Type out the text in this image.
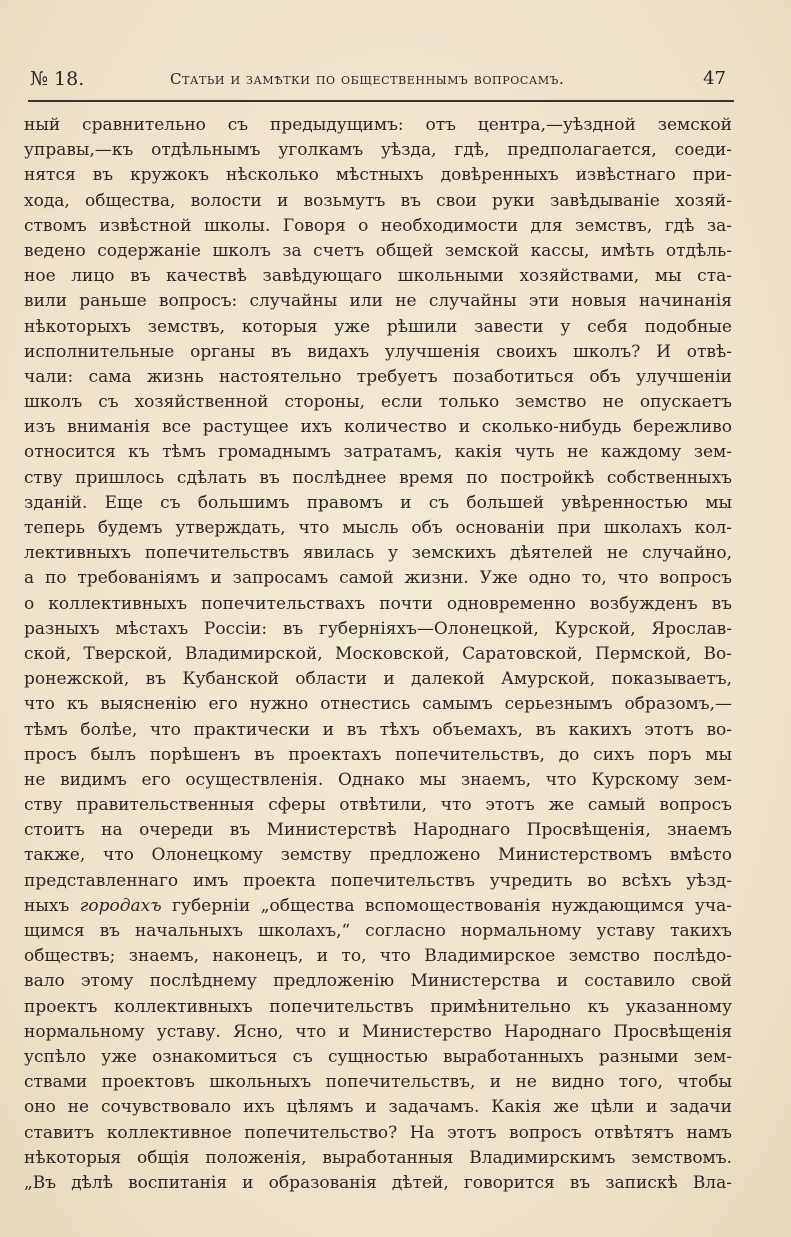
№ 18.	Статьи и замѣтки по общественнымъ вопросамъ.	47
ный сравнительно съ предыдущимъ: отъ центра,—уѣздной земской
управы,—къ отдѣльнымъ уголкамъ уѣзда, гдѣ, предполагается, соеди-
нятся въ кружокъ нѣсколько мѣстныхъ довѣренныхъ извѣстнаго при-
хода, общества, волости и возьмутъ въ свои руки завѣдываніе хозяй-
ствомъ извѣстной школы. Говоря о необходимости для земствъ, гдѣ за-
ведено содержаніе школъ за счетъ общей земской кассы, имѣть отдѣль-
ное лицо въ качествѣ завѣдующаго школьными хозяйствами, мы ста-
вили раньше вопросъ: случайны или не случайны эти новыя начинанія
нѣкоторыхъ земствъ, которыя уже рѣшили завести у себя подобные
исполнительные органы въ видахъ улучшенія своихъ школъ? И отвѣ-
чали: сама жизнь настоятельно требуетъ позаботиться объ улучшеніи
школъ съ хозяйственной стороны, если только земство не опускаетъ
изъ вниманія все растущее ихъ количество и сколько-нибудь бережливо
относится къ тѣмъ громаднымъ затратамъ, какія чуть не каждому зем-
ству пришлось сдѣлать въ послѣднее время по постройкѣ собственныхъ
зданій. Еще съ большимъ правомъ и съ большей увѣренностью мы
теперь будемъ утверждать, что мысль объ основаніи при школахъ кол-
лективныхъ попечительствъ явилась у земскихъ дѣятелей не случайно,
а по требованіямъ и запросамъ самой жизни. Уже одно то, что вопросъ
о коллективныхъ попечительствахъ почти одновременно возбужденъ въ
разныхъ мѣстахъ Россіи: въ губерніяхъ—Олонецкой, Курской, Ярослав-
ской, Тверской, Владимирской, Московской, Саратовской, Пермской, Во-
ронежской, въ Кубанской области и далекой Амурской, показываетъ,
что къ выясненію его нужно отнестись самымъ серьезнымъ образомъ,—
тѣмъ болѣе, что практически и въ тѣхъ объемахъ, въ какихъ этотъ во-
просъ былъ порѣшенъ въ проектахъ попечительствъ, до сихъ поръ мы
не видимъ его осуществленія. Однако мы знаемъ, что Курскому зем-
ству правительственныя сферы отвѣтили, что этотъ же самый вопросъ
стоитъ на очереди въ Министерствѣ Народнаго Просвѣщенія, знаемъ
также, что Олонецкому земству предложено Министерствомъ вмѣсто
представленнаго имъ проекта попечительствъ учредить во всѣхъ уѣзд-
ныхъ городахъ губерніи „общества вспомоществованія нуждающимся уча-
щимся въ начальныхъ школахъ,“ согласно нормальному уставу такихъ
обществъ; знаемъ, наконецъ, и то, что Владимирское земство послѣдо-
вало этому послѣднему предложенію Министерства и составило свой
проектъ коллективныхъ попечительствъ примѣнительно къ указанному
нормальному уставу. Ясно, что и Министерство Народнаго Просвѣщенія
успѣло уже ознакомиться съ сущностью выработанныхъ разными зем-
ствами проектовъ школьныхъ попечительствъ, и не видно того, чтобы
оно не сочувствовало ихъ цѣлямъ и задачамъ. Какія же цѣли и задачи
ставитъ коллективное попечительство? На этотъ вопросъ отвѣтятъ намъ
нѣкоторыя общія положенія, выработанныя Владимирскимъ земствомъ.
„Въ дѣлѣ воспитанія и образованія дѣтей, говорится въ запискѣ Вла-
